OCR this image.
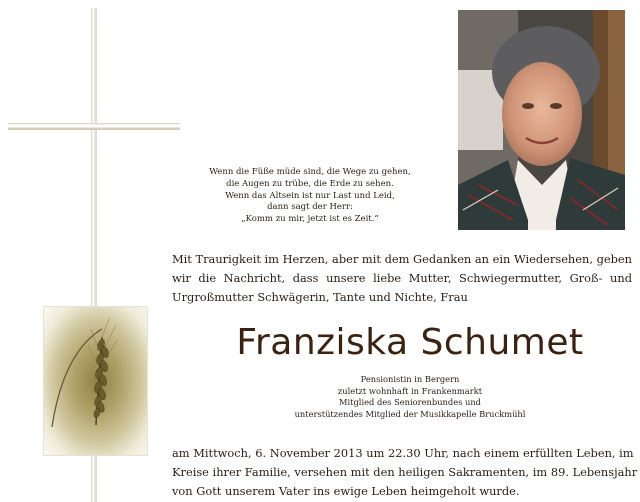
Wenn die Füße müde sind, die Wege zu gehen,
die Augen zu trübe, die Erde zu sehen.
Wenn das Altsein ist nur Last und Leid,
dann sagt der Herr:
„Komm zu mir, jetzt ist es Zeit.“
Mit Traurigkeit im Herzen, aber mit dem Gedanken an ein Wiedersehen, geben
wir die Nachricht, dass unsere liebe Mutter, Schwiegermutter, Groß- und
Urgroßmutter Schwägerin, Tante und Nichte, Frau
Franziska Schumet
Pensionistin in Bergern
zuletzt wohnhaft in Frankenmarkt
Mitglied des Seniorenbundes und
unterstützendes Mitglied der Musikkapelle Bruckmühl
am Mittwoch, 6. November 2013 um 22.30 Uhr, nach einem erfüllten Leben, im
Kreise ihrer Familie, versehen mit den heiligen Sakramenten, im 89. Lebensjahr
von Gott unserem Vater ins ewige Leben heimgeholt wurde.
